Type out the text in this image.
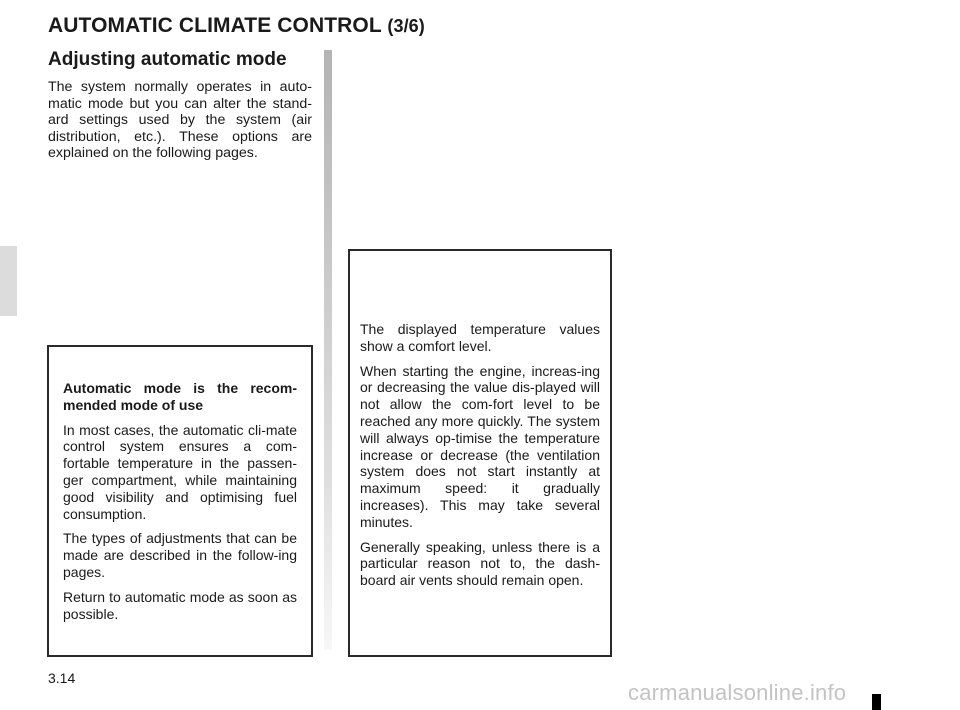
AUTOMATIC CLIMATE CONTROL (3/6)
Adjusting automatic mode

The system normally operates in auto-matic mode but you can alter the stand-ard settings used by the system (air distribution, etc.). These options are explained on the following pages.

Automatic mode is the recom-mended mode of use

In most cases, the automatic cli-mate control system ensures a com-fortable temperature in the passen-ger compartment, while maintaining good visibility and optimising fuel consumption.

The types of adjustments that can be made are described in the follow-ing pages.

Return to automatic mode as soon as possible.

The displayed temperature values show a comfort level.

When starting the engine, increas-ing or decreasing the value dis-played will not allow the com-fort level to be reached any more quickly. The system will always op-timise the temperature increase or decrease (the ventilation system does not start instantly at maximum speed: it gradually increases). This may take several minutes.

Generally speaking, unless there is a particular reason not to, the dash-board air vents should remain open.

3.14
carmanualsonline.info
